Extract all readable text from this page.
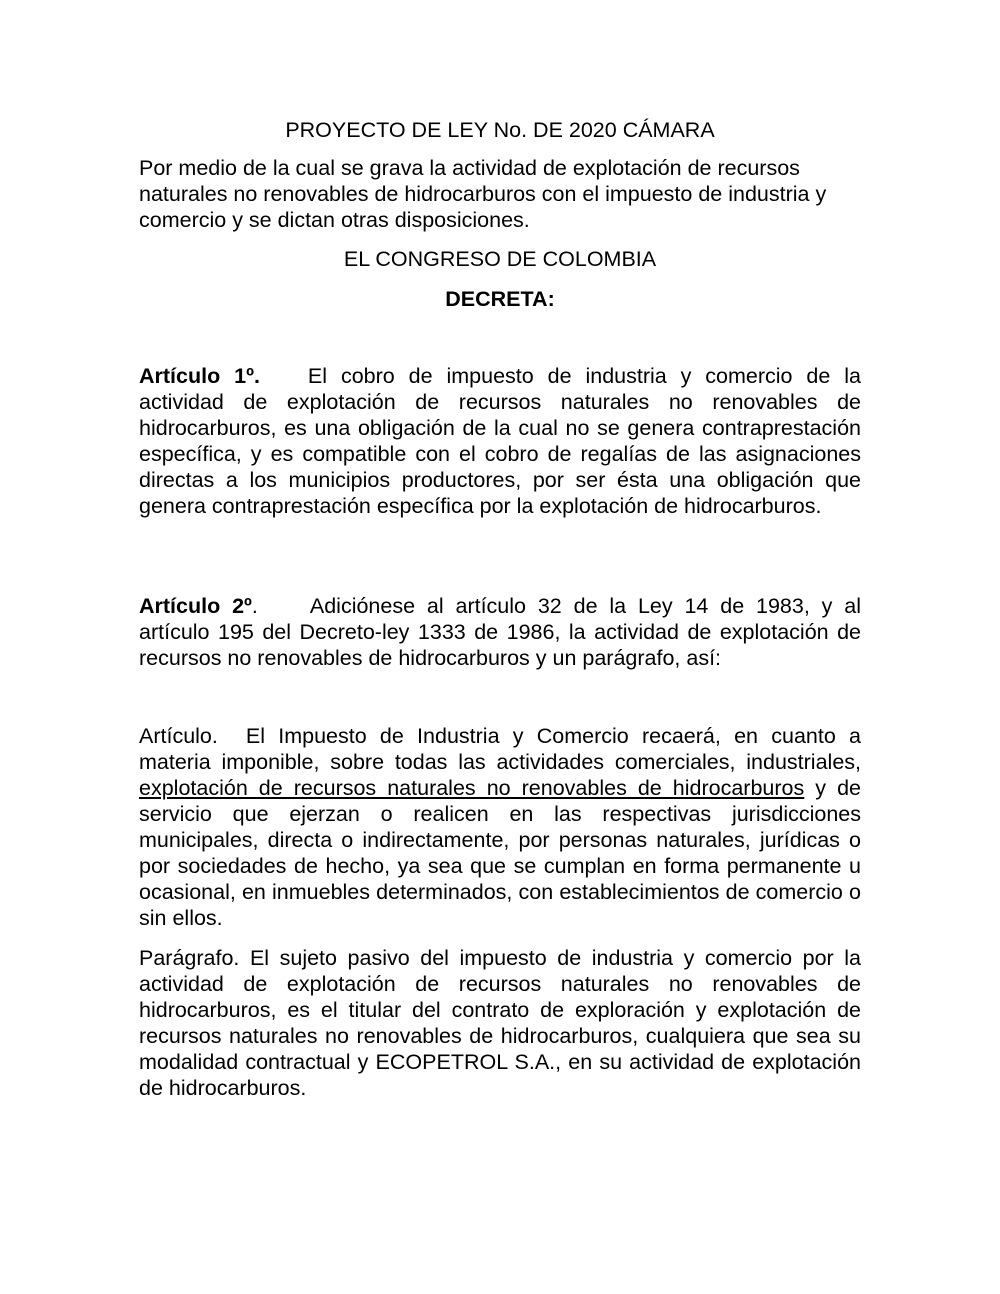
PROYECTO DE LEY No. DE 2020 CÁMARA

Por medio de la cual se grava la actividad de explotación de recursos naturales no renovables de hidrocarburos con el impuesto de industria y comercio y se dictan otras disposiciones.

EL CONGRESO DE COLOMBIA

DECRETA:

Artículo 1º. El cobro de impuesto de industria y comercio de la actividad de explotación de recursos naturales no renovables de hidrocarburos, es una obligación de la cual no se genera contraprestación específica, y es compatible con el cobro de regalías de las asignaciones directas a los municipios productores, por ser ésta una obligación que genera contraprestación específica por la explotación de hidrocarburos.

Artículo 2º. Adiciónese al artículo 32 de la Ley 14 de 1983, y al artículo 195 del Decreto-ley 1333 de 1986, la actividad de explotación de recursos no renovables de hidrocarburos y un parágrafo, así:

Artículo. El Impuesto de Industria y Comercio recaerá, en cuanto a materia imponible, sobre todas las actividades comerciales, industriales, explotación de recursos naturales no renovables de hidrocarburos y de servicio que ejerzan o realicen en las respectivas jurisdicciones municipales, directa o indirectamente, por personas naturales, jurídicas o por sociedades de hecho, ya sea que se cumplan en forma permanente u ocasional, en inmuebles determinados, con establecimientos de comercio o sin ellos.

Parágrafo. El sujeto pasivo del impuesto de industria y comercio por la actividad de explotación de recursos naturales no renovables de hidrocarburos, es el titular del contrato de exploración y explotación de recursos naturales no renovables de hidrocarburos, cualquiera que sea su modalidad contractual y ECOPETROL S.A., en su actividad de explotación de hidrocarburos.
